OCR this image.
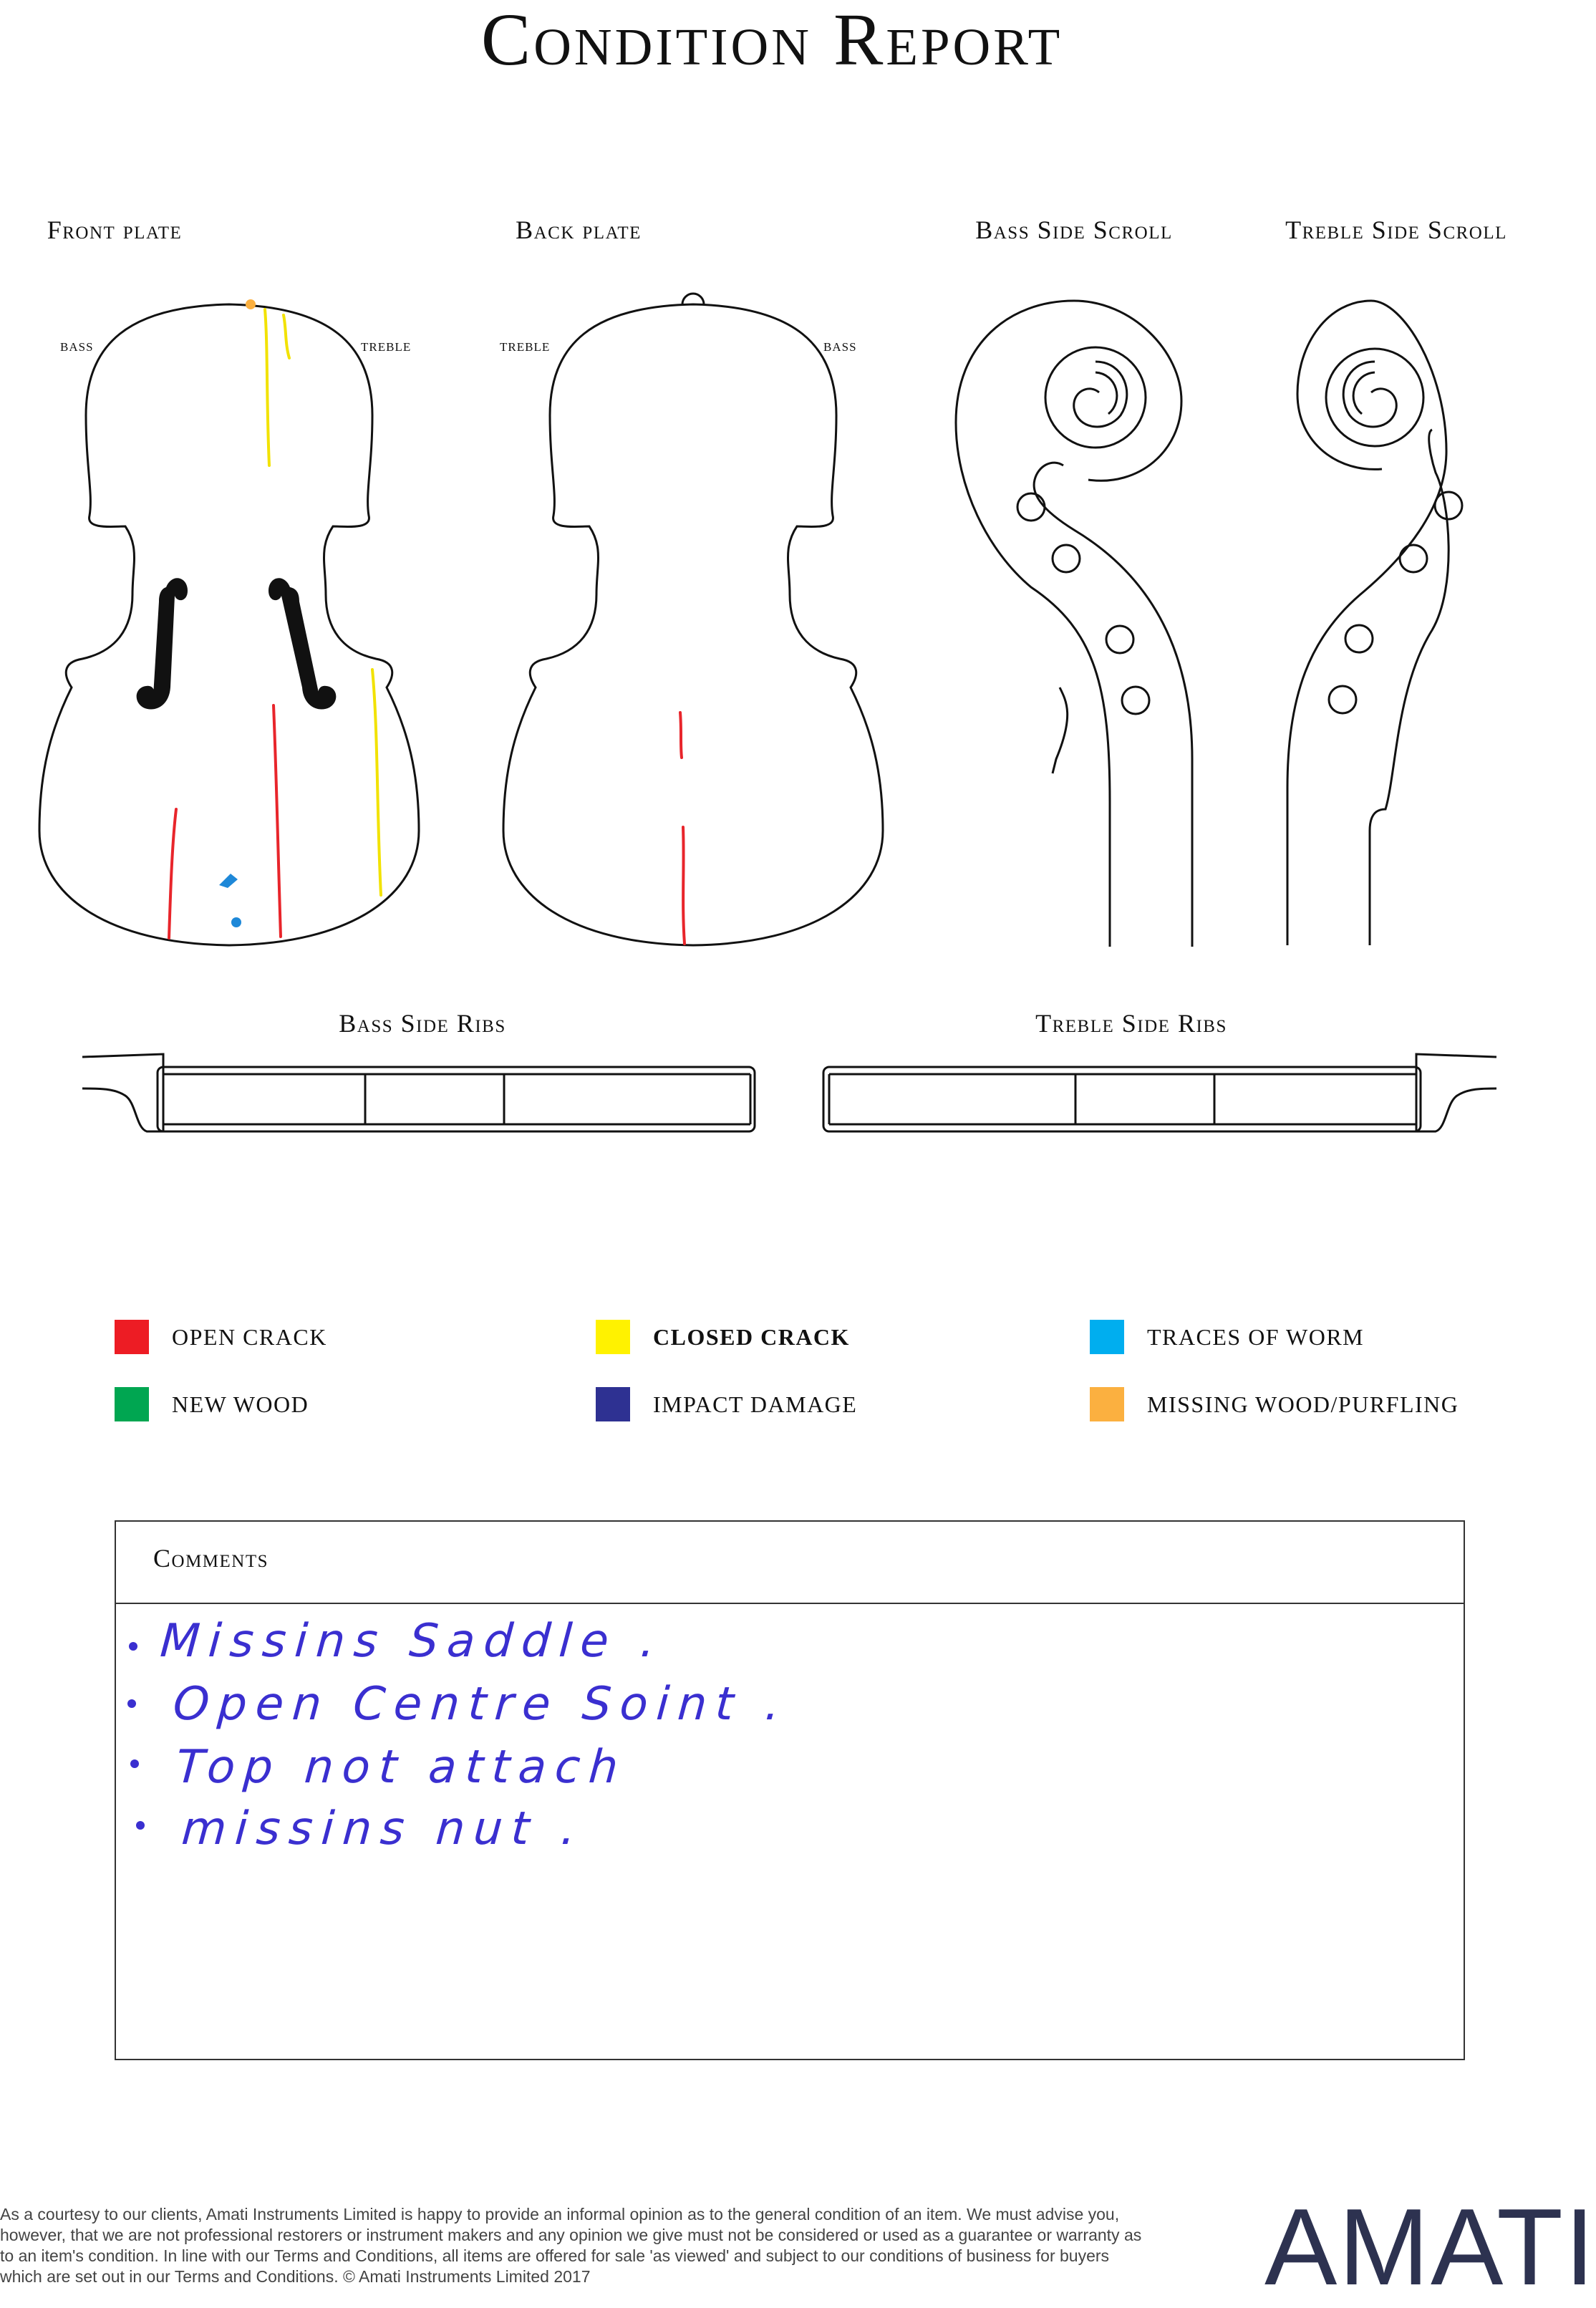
Condition Report
Front plate	Back plate	Bass Side Scroll	Treble Side Scroll
Bass Side Ribs	Treble Side Ribs
bass	treble	treble	bass
OPEN CRACK	CLOSED CRACK	TRACES OF WORM
NEW WOOD	IMPACT DAMAGE	MISSING WOOD/PURFLING
Comments
Missins Saddle .
Open Centre Soint .
Top not attach
missins nut .
As a courtesy to our clients, Amati Instruments Limited is happy to provide an informal opinion as to the general condition of an item. We must advise you, however, that we are not professional restorers or instrument makers and any opinion we give must not be considered or used as a guarantee or warranty as to an item's condition. In line with our Terms and Conditions, all items are offered for sale 'as viewed' and subject to our conditions of business for buyers which are set out in our Terms and Conditions. © Amati Instruments Limited 2017	AMATI
